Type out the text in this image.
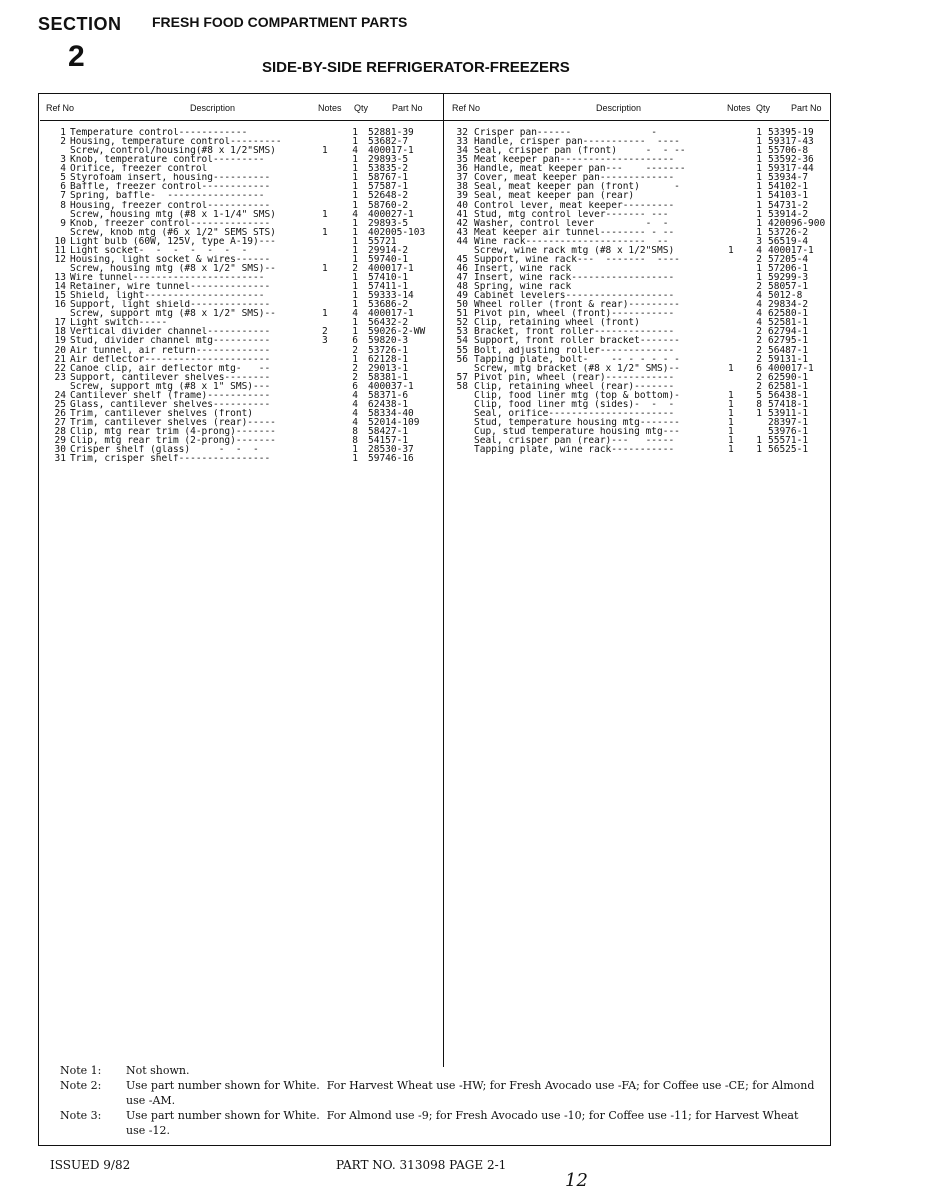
SECTION
2
FRESH FOOD COMPARTMENT PARTS
SIDE-BY-SIDE REFRIGERATOR-FREEZERS
Ref No	Description	Notes Qty	Part No	Ref No	Description	Notes Qty Part No
1 Temperature control------------	1 52881-39
2 Housing, temperature control---------	1 53682-7
Screw, control/housing(#8 x 1/2"SMS)	1	4 400017-1
3 Knob, temperature control---------	1 29893-5
4 Orifice, freezer control	1 53835-2
5 Styrofoam insert, housing----------	1 58767-1
6 Baffle, freezer control------------	1 57587-1
7 Spring, baffle-  -----------------	1 52648-2
8 Housing, freezer control-----------	1 58760-2
Screw, housing mtg (#8 x 1-1/4" SMS)	1	4 400027-1
9 Knob, freezer control--------------	1 29893-5
Screw, knob mtg (#6 x 1/2" SEMS STS)	1	1 402005-103
10 Light bulb (60W, 125V, type A-19)---	1 55721
11 Light socket-  -  -  -  -  -  -	1 29914-2
12 Housing, light socket & wires------	1 59740-1
Screw, housing mtg (#8 x 1/2" SMS)--	1	2 400017-1
13 Wire tunnel-----------------------	1 57410-1
14 Retainer, wire tunnel--------------	1 57411-1
15 Shield, light---------------------	1 59333-14
16 Support, light shield--------------	1 53686-2
Screw, support mtg (#8 x 1/2" SMS)--	1	4 400017-1
17 Light switch-----	1 56432-2
18 Vertical divider channel-----------	2	1 59026-2-WW
19 Stud, divider channel mtg----------	3	6 59820-3
20 Air tunnel, air return-------------	2 53726-1
21 Air deflector----------------------	1 62128-1
22 Canoe clip, air deflector mtg-   --	2 29013-1
23 Support, cantilever shelves--------	2 58381-1
Screw, support mtg (#8 x 1" SMS)---	6 400037-1
24 Cantilever shelf (frame)-----------	4 58371-6
25 Glass, cantilever shelves----------	4 62438-1
26 Trim, cantilever shelves (front)	4 58334-40
27 Trim, cantilever shelves (rear)-----	4 52014-109
28 Clip, mtg rear trim (4-prong)-------	8 58427-1
29 Clip, mtg rear trim (2-prong)-------	8 54157-1
30 Crisper shelf (glass)     -  -  -	1 28530-37
31 Trim, crisper shelf----------------	1 59746-16
32 Crisper pan------              -	1 53395-19
33 Handle, crisper pan-----------  ----	1 59317-43
34 Seal, crisper pan (front)     -  - --	1 55706-8
35 Meat keeper pan--------------------	1 53592-36
36 Handle, meat keeper pan---    -------	1 59317-44
37 Cover, meat keeper pan-------------	1 53934-7
38 Seal, meat keeper pan (front)      -	1 54102-1
39 Seal, meat keeper pan (rear)	1 54103-1
40 Control lever, meat keeper---------	1 54731-2
41 Stud, mtg control lever------- ---	1 53914-2
42 Washer, control lever         -  -	1 420096-900
43 Meat keeper air tunnel-------- - --	1 53726-2
44 Wine rack---------------------  --	3 56519-4
Screw, wine rack mtg (#8 x 1/2"SMS)	1	4 400017-1
45 Support, wine rack---  -------  ----	2 57205-4
46 Insert, wine rack	1 57206-1
47 Insert, wine rack------------------	1 59299-3
48 Spring, wine rack	2 58057-1
49 Cabinet levelers-------------------	4 5012-8
50 Wheel roller (front & rear)---------	4 29834-2
51 Pivot pin, wheel (front)-----------	4 62580-1
52 Clip, retaining wheel (front)	4 52581-1
53 Bracket, front roller--------------	2 62794-1
54 Support, front roller bracket-------	2 62795-1
55 Bolt, adjusting roller-------------	2 56487-1
56 Tapping plate, bolt-    -- - - - - -	2 59131-1
Screw, mtg bracket (#8 x 1/2" SMS)--	1	6 400017-1
57 Pivot pin, wheel (rear)------------	2 62590-1
58 Clip, retaining wheel (rear)-------	2 62581-1
Clip, food liner mtg (top & bottom)-	1	5 56438-1
Clip, food liner mtg (sides)-  -  -	1	8 57418-1
Seal, orifice----------------------	1	1 53911-1
Stud, temperature housing mtg-------	1	28397-1
Cup, stud temperature housing mtg---	1	53976-1
Seal, crisper pan (rear)---   -----	1	1 55571-1
Tapping plate, wine rack-----------	1	1 56525-1
Note 1:	Not shown.
Note 2:	Use part number shown for White.  For Harvest Wheat use -HW; for Fresh Avocado use -FA; for Coffee use -CE; for Almond use -AM.
Note 3:	Use part number shown for White.  For Almond use -9; for Fresh Avocado use -10; for Coffee use -11; for Harvest Wheat use -12.
ISSUED 9/82	PART NO. 313098 PAGE 2-1
12
